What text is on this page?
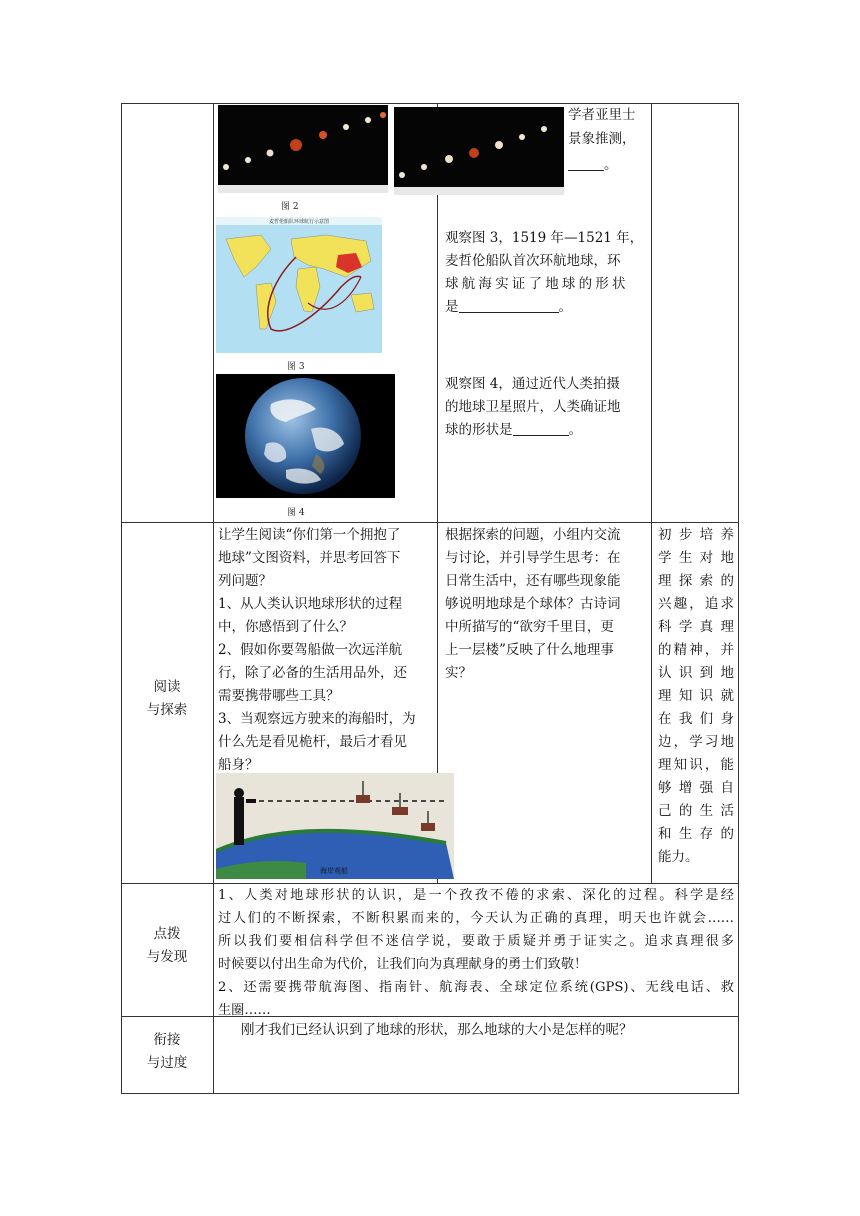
图 2
麦哲伦船队环球航行示意图
图 3
图 4
学者亚里士
景象推测，
。
观察图 3，1519 年—1521 年，
麦哲伦船队首次环航地球，环
球航海实证了地球的形状
是	。
观察图 4，通过近代人类拍摄
的地球卫星照片，人类确证地
球的形状是	。
阅读
与探索
让学生阅读“你们第一个拥抱了
地球”文图资料，并思考回答下
列问题？
1、从人类认识地球形状的过程
中，你感悟到了什么？
2、假如你要驾船做一次远洋航
行，除了必备的生活用品外，还
需要携带哪些工具？
3、当观察远方驶来的海船时，为
什么先是看见桅杆，最后才看见
船身？
海岸观船
根据探索的问题，小组内交流
与讨论，并引导学生思考：在
日常生活中，还有哪些现象能
够说明地球是个球体？古诗词
中所描写的“欲穷千里目，更
上一层楼”反映了什么地理事
实？
初步培养
学生对地
理探索的
兴趣，追求
科学真理
的精神，并
认识到地
理知识就
在我们身
边，学习地
理知识，能
够增强自
己的生活
和生存的
能力。
点拨
与发现
1、人类对地球形状的认识，是一个孜孜不倦的求索、深化的过程。科学是经
过人们的不断探索，不断积累而来的，今天认为正确的真理，明天也许就会……
所以我们要相信科学但不迷信学说，要敢于质疑并勇于证实之。追求真理很多
时候要以付出生命为代价，让我们向为真理献身的勇士们致敬！
2、还需要携带航海图、指南针、航海表、全球定位系统(GPS)、无线电话、救
生圈……
衔接
与过度
刚才我们已经认识到了地球的形状，那么地球的大小是怎样的呢？
